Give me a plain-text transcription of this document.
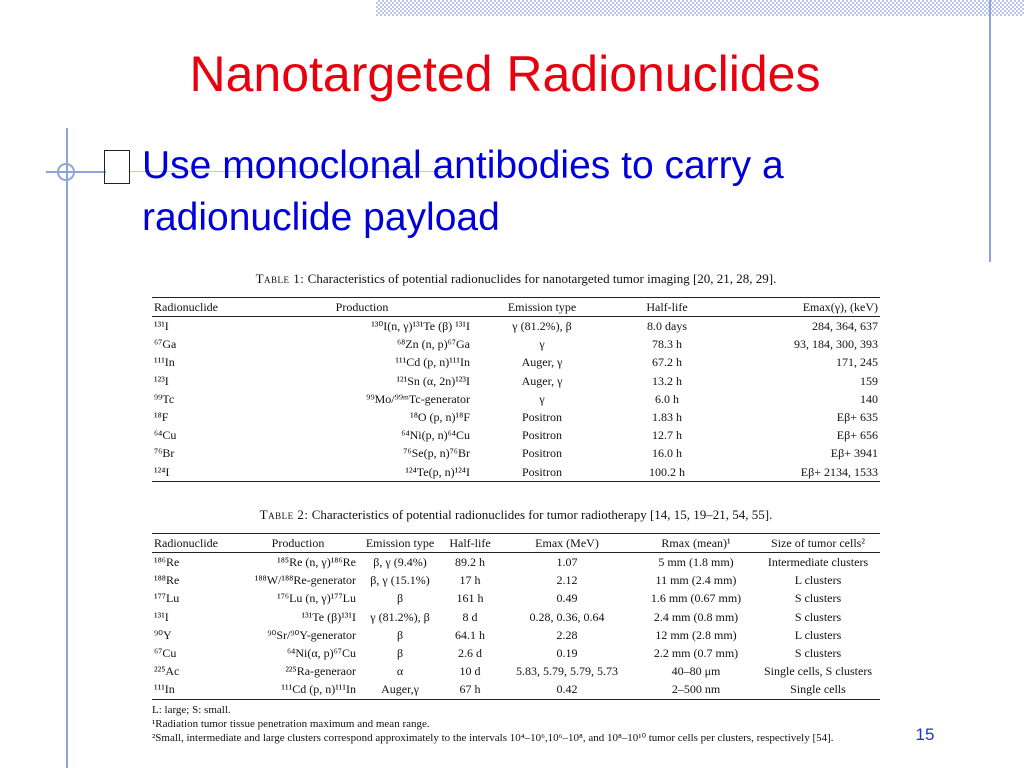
Nanotargeted Radionuclides

Use monoclonal antibodies to carry a radionuclide payload

Table 1: Characteristics of potential radionuclides for nanotargeted tumor imaging [20, 21, 28, 29].
Radionuclide	Production	Emission type	Half-life	Emax(γ), (keV)
¹³¹I	¹³⁰I(n, γ)¹³¹Te (β) ¹³¹I	γ (81.2%), β	8.0 days	284, 364, 637
⁶⁷Ga	⁶⁸Zn (n, p)⁶⁷Ga	γ	78.3 h	93, 184, 300, 393
¹¹¹In	¹¹¹Cd (p, n)¹¹¹In	Auger, γ	67.2 h	171, 245
¹²³I	¹²¹Sn (α, 2n)¹²³I	Auger, γ	13.2 h	159
⁹⁹Tc	⁹⁹Mo/⁹⁹ᵐTc-generator	γ	6.0 h	140
¹⁸F	¹⁸O (p, n)¹⁸F	Positron	1.83 h	Eβ+ 635
⁶⁴Cu	⁶⁴Ni(p, n)⁶⁴Cu	Positron	12.7 h	Eβ+ 656
⁷⁶Br	⁷⁶Se(p, n)⁷⁶Br	Positron	16.0 h	Eβ+ 3941
¹²⁴I	¹²⁴Te(p, n)¹²⁴I	Positron	100.2 h	Eβ+ 2134, 1533
Table 2: Characteristics of potential radionuclides for tumor radiotherapy [14, 15, 19–21, 54, 55].
Radionuclide	Production	Emission type	Half-life	Emax (MeV)	Rmax (mean)¹	Size of tumor cells²
¹⁸⁶Re	¹⁸⁵Re (n, γ)¹⁸⁶Re	β, γ (9.4%)	89.2 h	1.07	5 mm (1.8 mm)	Intermediate clusters
¹⁸⁸Re	¹⁸⁸W/¹⁸⁸Re-generator	β, γ (15.1%)	17 h	2.12	11 mm (2.4 mm)	L clusters
¹⁷⁷Lu	¹⁷⁶Lu (n, γ)¹⁷⁷Lu	β	161 h	0.49	1.6 mm (0.67 mm)	S clusters
¹³¹I	¹³¹Te (β)¹³¹I	γ (81.2%), β	8 d	0.28, 0.36, 0.64	2.4 mm (0.8 mm)	S clusters
⁹⁰Y	⁹⁰Sr/⁹⁰Y-generator	β	64.1 h	2.28	12 mm (2.8 mm)	L clusters
⁶⁷Cu	⁶⁴Ni(α, p)⁶⁷Cu	β	2.6 d	0.19	2.2 mm (0.7 mm)	S clusters
²²⁵Ac	²²⁵Ra-generaor	α	10 d	5.83, 5.79, 5.79, 5.73	40–80 μm	Single cells, S clusters
¹¹¹In	¹¹¹Cd (p, n)¹¹¹In	Auger,γ	67 h	0.42	2–500 nm	Single cells
L: large; S: small.
¹Radiation tumor tissue penetration maximum and mean range.
²Small, intermediate and large clusters correspond approximately to the intervals 10⁴–10⁶,10⁶–10⁸, and 10⁸–10¹⁰ tumor cells per clusters, respectively [54].	15
